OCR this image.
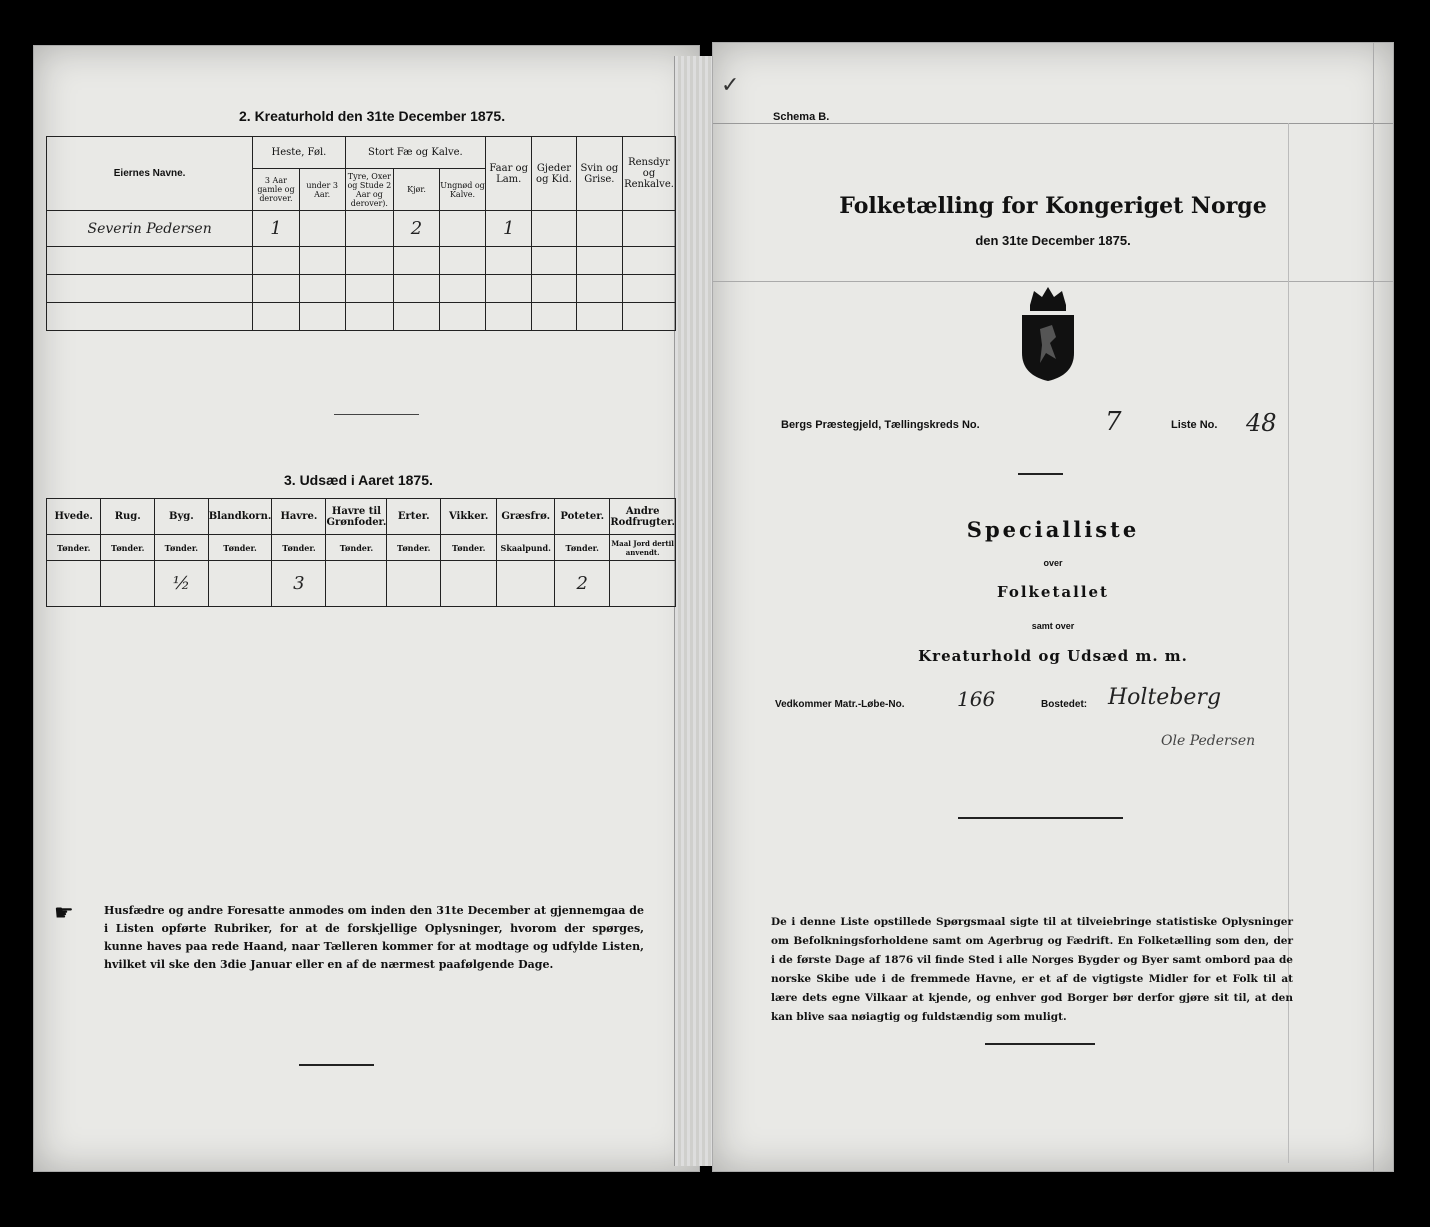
2. Kreaturhold den 31te December 1875.
Eiernes Navne.	Heste, Føl.		Stort Fæ og Kalve.			Faar og Lam.	Gjeder og Kid.	Svin og Grise.	Rensdyr og Renkalve.
	3 Aar gamle og derover.	under 3 Aar.	Tyre, Oxer og Stude 2 Aar og derover).	Kjør.	Ungnød og Kalve.				
Severin Pedersen	1			2		1			

3. Udsæd i Aaret 1875.
Hvede.	Rug.	Byg.	Blandkorn.	Havre.	Havre til Grønfoder.	Erter.	Vikker.	Græsfrø.	Poteter.	Andre Rodfrugter.
Tønder.	Tønder.	Tønder.	Tønder.	Tønder.	Tønder.	Tønder.	Tønder.	Skaalpund.	Tønder.	Maal Jord dertil anvendt.
		½		3					2	
☛	Husfædre og andre Foresatte anmodes om inden den 31te December at gjennemgaa de i Listen opførte Rubriker, for at de forskjellige Oplysninger, hvorom der spørges, kunne haves paa rede Haand, naar Tælleren kommer for at modtage og udfylde Listen, hvilket vil ske den 3die Januar eller en af de nærmest paafølgende Dage.
✓
Schema B.
Folketælling for Kongeriget Norge
den 31te December 1875.
Bergs Præstegjeld, Tællingskreds No.	7	Liste No. 48
Specialliste
over
Folketallet
samt over
Kreaturhold og Udsæd m. m.
Vedkommer Matr.-Løbe-No.	166	Bostedet: Holteberg
Ole Pedersen
De i denne Liste opstillede Spørgsmaal sigte til at tilveiebringe statistiske Oplysninger om Befolkningsforholdene samt om Agerbrug og Fædrift. En Folketælling som den, der i de første Dage af 1876 vil finde Sted i alle Norges Bygder og Byer samt ombord paa de norske Skibe ude i de fremmede Havne, er et af de vigtigste Midler for et Folk til at lære dets egne Vilkaar at kjende, og enhver god Borger bør derfor gjøre sit til, at den kan blive saa nøiagtig og fuldstændig som muligt.
